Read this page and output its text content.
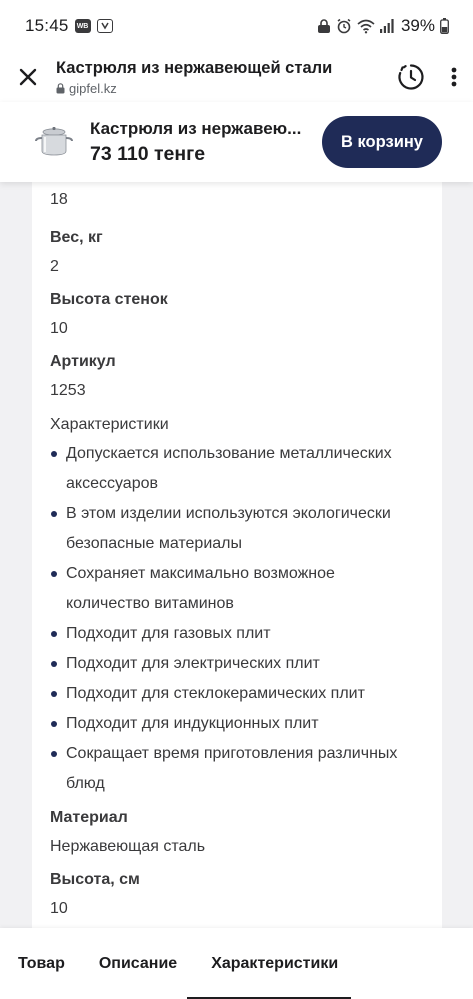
15:45	WB	39%
Кастрюля из нержавеющей стали
gipfel.kz
Кастрюля из нержавею...
73 110 тенге
В корзину
18
Вес, кг
2
Высота стенок
10
Артикул
1253
Характеристики
Допускается использование металлических аксессуаров
В этом изделии используются экологически безопасные материалы
Сохраняет максимально возможное количество витаминов
Подходит для газовых плит
Подходит для электрических плит
Подходит для стеклокерамических плит
Подходит для индукционных плит
Сокращает время приготовления различных блюд
Материал
Нержавеющая сталь
Высота, см
10
Товар Описание Характеристики
